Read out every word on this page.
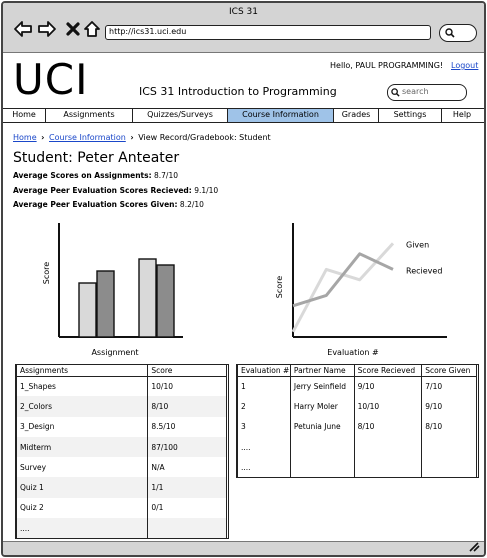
ICS 31
http://ics31.uci.edu
UCI	ICS 31 Introduction to Programming
Hello, PAUL PROGRAMMING! Logout
search
Home	Assignments	Quizzes/Surveys	Course Information	Grades	Settings	Help
Home › Course Information › View Record/Gradebook: Student
Student: Peter Anteater
Average Scores on Assignments: 8.7/10
Average Peer Evaluation Scores Recieved: 9.1/10
Average Peer Evaluation Scores Given: 8.2/10
Assignment
Score
Given
Recieved
Evaluation #
Score
Assignments	Score
1_Shapes	10/10
2_Colors	8/10
3_Design	8.5/10
Midterm	87/100
Survey	N/A
Quiz 1	1/1
Quiz 2	0/1
....	
Evaluation #	Partner Name	Score Recieved	Score Given
1	Jerry Seinfield	9/10	7/10
2	Harry Moler	10/10	9/10
3	Petunia June	8/10	8/10
....			
....			
